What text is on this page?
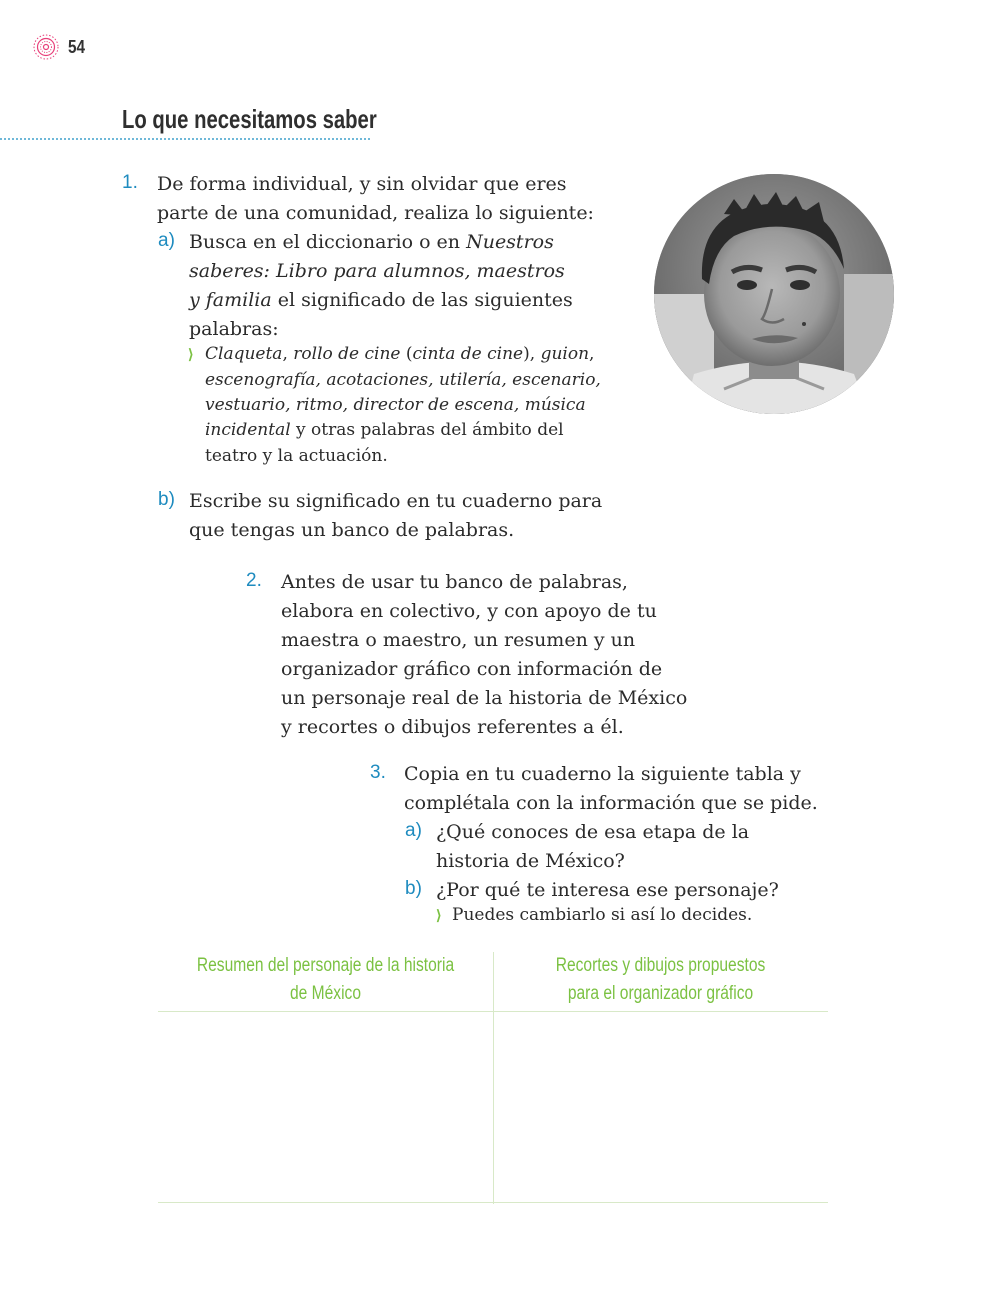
54
Lo que necesitamos saber
1. De forma individual, y sin olvidar que eres
parte de una comunidad, realiza lo siguiente:
a) Busca en el diccionario o en Nuestros
saberes: Libro para alumnos, maestros
y familia el significado de las siguientes
palabras:
⟩ Claqueta, rollo de cine (cinta de cine), guion,
escenografía, acotaciones, utilería, escenario,
vestuario, ritmo, director de escena, música
incidental y otras palabras del ámbito del
teatro y la actuación.
b) Escribe su significado en tu cuaderno para
que tengas un banco de palabras.
2. Antes de usar tu banco de palabras,
elabora en colectivo, y con apoyo de tu
maestra o maestro, un resumen y un
organizador gráfico con información de
un personaje real de la historia de México
y recortes o dibujos referentes a él.
3. Copia en tu cuaderno la siguiente tabla y
complétala con la información que se pide.
a) ¿Qué conoces de esa etapa de la
historia de México?
b) ¿Por qué te interesa ese personaje?
⟩ Puedes cambiarlo si así lo decides.
Resumen del personaje de la historia
de México
Recortes y dibujos propuestos
para el organizador gráfico
